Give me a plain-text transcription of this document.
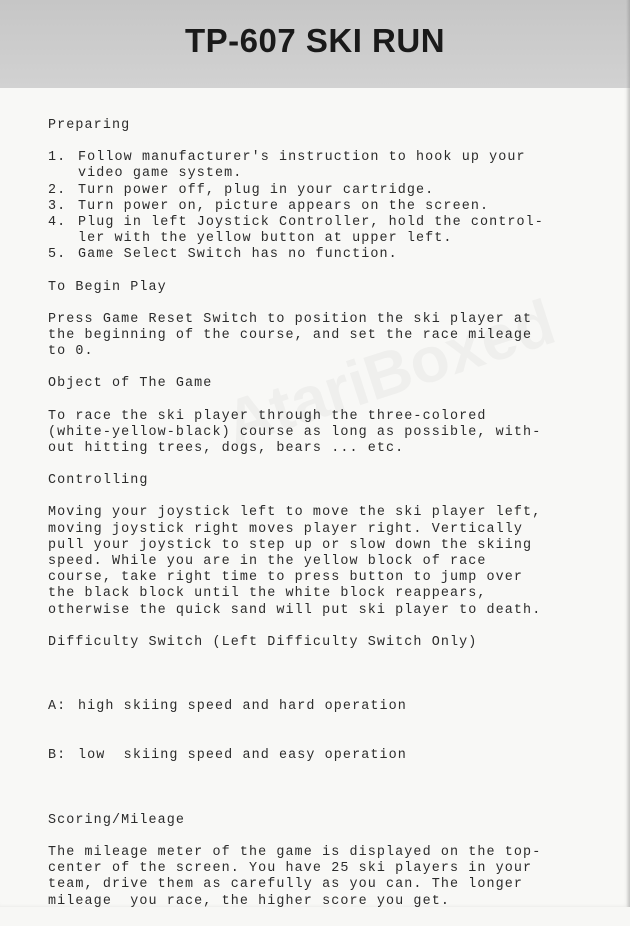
TP-607 SKI RUN
Preparing
1. Follow manufacturer's instruction to hook up your
video game system.
2. Turn power off, plug in your cartridge.
3. Turn power on, picture appears on the screen.
4. Plug in left Joystick Controller, hold the control-
ler with the yellow button at upper left.
5. Game Select Switch has no function.
To Begin Play
Press Game Reset Switch to position the ski player at
the beginning of the course, and set the race mileage
to 0.
Object of The Game
To race the ski player through the three-colored
(white-yellow-black) course as long as possible, with-
out hitting trees, dogs, bears ... etc.
Controlling
Moving your joystick left to move the ski player left,
moving joystick right moves player right. Vertically
pull your joystick to step up or slow down the skiing
speed. While you are in the yellow block of race
course, take right time to press button to jump over
the black block until the white block reappears,
otherwise the quick sand will put ski player to death.
Difficulty Switch (Left Difficulty Switch Only)

A: high skiing speed and hard operation

B: low  skiing speed and easy operation

Scoring/Mileage
The mileage meter of the game is displayed on the top-
center of the screen. You have 25 ski players in your
team, drive them as carefully as you can. The longer
mileage  you race, the higher score you get.
